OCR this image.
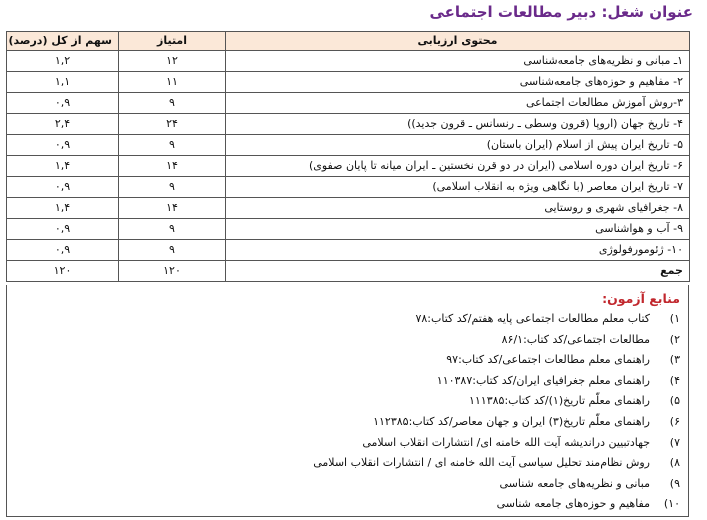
عنوان شغل: دبیر مطالعات اجتماعی
محتوی ارزیابی	امتیاز	سهم از کل (درصد)
۱ـ مبانی و نظریه‌های جامعه‌شناسی	۱۲	۱,۲
۲- مفاهیم و حوزه‌های جامعه‌شناسی	۱۱	۱,۱
۳-روش آموزش مطالعات اجتماعی	۹	۰,۹
۴- تاریخ جهان (اروپا (قرون وسطی ـ رنسانس ـ قرون جدید))	۲۴	۲,۴
۵- تاریخ ایران پیش از اسلام (ایران باستان)	۹	۰,۹
۶- تاریخ ایران دوره اسلامی (ایران در دو قرن نخستین ـ ایران میانه تا پایان صفوی)	۱۴	۱,۴
۷- تاریخ ایران معاصر (با نگاهی ویژه به انقلاب اسلامی)	۹	۰,۹
۸- جغرافیای شهری و روستایی	۱۴	۱,۴
۹- آب و هواشناسی	۹	۰,۹
۱۰- ژئومورفولوژی	۹	۰,۹
جمع	۱۲۰	۱۲۰
منابع آزمون:
۱)کتاب معلم مطالعات اجتماعی پایه هفتم/کد کتاب:۷۸
۲)مطالعات اجتماعی/کد کتاب:۸۶/۱
۳)راهنمای معلم مطالعات اجتماعی/کد کتاب:۹۷
۴)راهنمای معلم جغرافیای ایران/کد کتاب:۱۱۰۳۸۷
۵)راهنمای معلّم تاریخ(۱)/کد کتاب:۱۱۱۳۸۵
۶)راهنمای معلّم تاریخ(۳) ایران و جهان معاصر/کد کتاب:۱۱۲۳۸۵
۷)جهادتبیین دراندیشه آیت الله خامنه ای/ انتشارات انقلاب اسلامی
۸)روش نظام‌مند تحلیل سیاسی آیت الله خامنه ای / انتشارات انقلاب اسلامی
۹)مبانی و نظریه‌های جامعه شناسی
۱۰)مفاهیم و حوزه‌های جامعه شناسی
